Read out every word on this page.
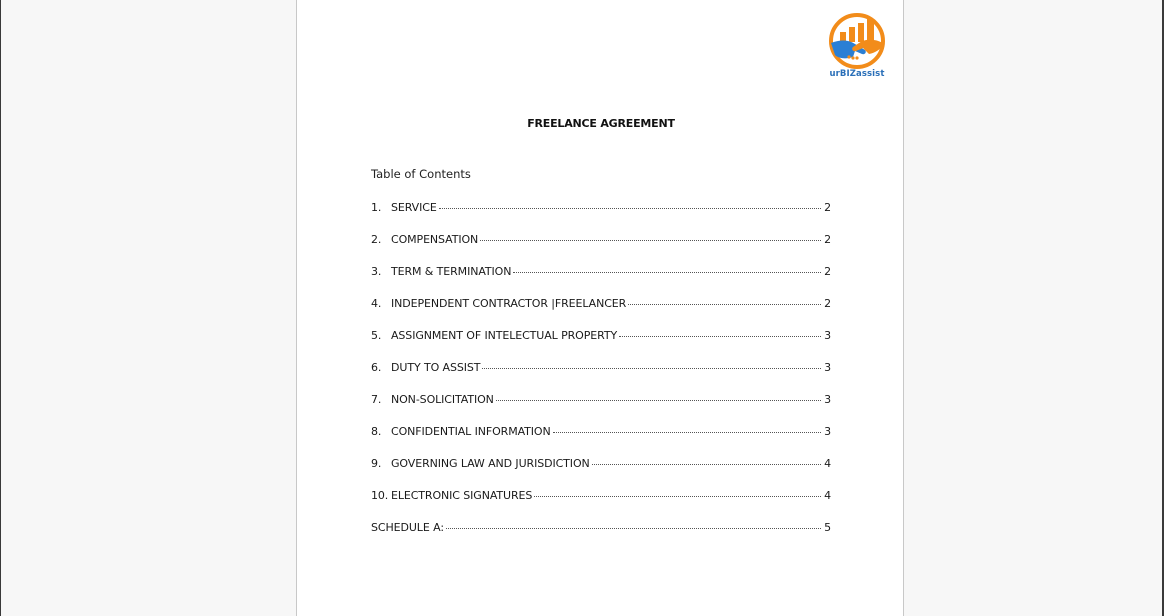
urBIZassist
FREELANCE AGREEMENT
Table of Contents
1. SERVICE	2
2. COMPENSATION	2
3. TERM & TERMINATION	2
4. INDEPENDENT CONTRACTOR |FREELANCER	2
5. ASSIGNMENT OF INTELECTUAL PROPERTY	3
6. DUTY TO ASSIST	3
7. NON-SOLICITATION	3
8. CONFIDENTIAL INFORMATION	3
9. GOVERNING LAW AND JURISDICTION	4
10. ELECTRONIC SIGNATURES	4
SCHEDULE A:	5
